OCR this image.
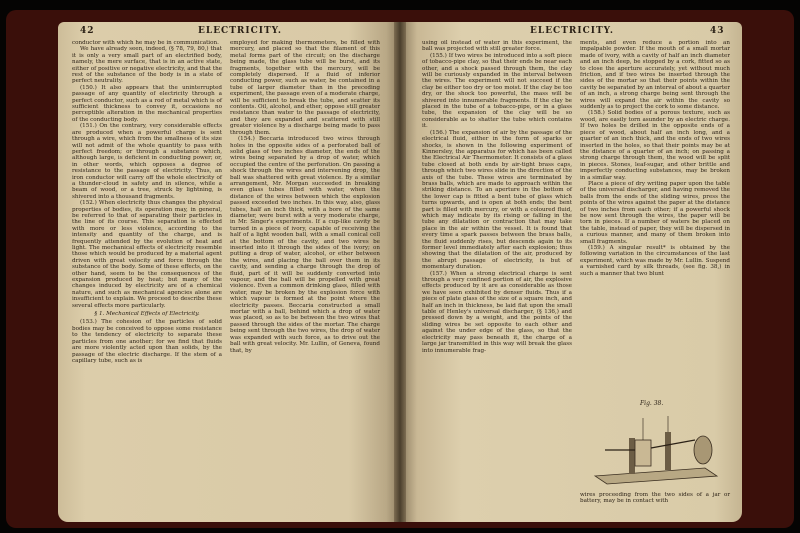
42	ELECTRICITY.

conductor with which he may be in communication.

We have already seen, indeed, (§ 78, 79, 80,) that it is only a very small part of an electrified body, namely, the mere surface, that is in an active state, either of positive or negative electricity, and that the rest of the substance of the body is in a state of perfect neutrality.

(150.) It also appears that the uninterrupted passage of any quantity of electricity through a perfect conductor, such as a rod of metal which is of sufficient thickness to convey it, occasions no perceptible alteration in the mechanical properties of the conducting body.

(151.) On the contrary, very considerable effects are produced when a powerful charge is sent through a wire, which from the smallness of its size will not admit of the whole quantity to pass with perfect freedom; or through a substance which, although large, is deficient in conducting power; or, in other words, which opposes a degree of resistance to the passage of electricity. Thus, an iron conductor will carry off the whole electricity of a thunder-cloud in safety and in silence, while a beam of wood, or a tree, struck by lightning, is shivered into a thousand fragments.

(152.) When electricity thus changes the physical properties of bodies, its operation may, in general, be referred to that of separating their particles in the line of its course. This separation is effected with more or less violence, according to the intensity and quantity of the charge, and is frequently attended by the evolution of heat and light. The mechanical effects of electricity resemble those which would be produced by a material agent driven with great velocity and force through the substance of the body. Some of these effects, on the other hand, seem to be the consequences of the expansion produced by heat; but many of the changes induced by electricity are of a chemical nature, and such as mechanical agencies alone are insufficient to explain. We proceed to describe these several effects more particularly.

§ 1. Mechanical Effects of Electricity.

(153.) The cohesion of the particles of solid bodies may be conceived to oppose some resistance to the tendency of electricity to separate these particles from one another; for we find that fluids are more violently acted upon than solids, by the passage of the electric discharge. If the stem of a capillary tube, such as is

employed for making thermometers, be filled with mercury, and placed so that the filament of this metal forms part of the circuit; on the discharge being made, the glass tube will be burst, and its fragments, together with the mercury, will be completely dispersed. If a fluid of inferior conducting power, such as water, be contained in a tube of larger diameter than in the preceding experiment, the passage even of a moderate charge, will be sufficient to break the tube, and scatter its contents. Oil, alcohol, and ether, oppose still greater resistance than water to the passage of electricity, and they are expanded and scattered with still greater violence by a discharge being made to pass through them.

(154.) Beccaria introduced two wires through holes in the opposite sides of a perforated ball of solid glass of two inches diameter, the ends of the wires being separated by a drop of water, which occupied the centre of the perforation. On passing a shock through the wires and intervening drop, the ball was shattered with great violence. By a similar arrangement, Mr. Morgan succeeded in breaking even glass tubes filled with water, when the distance of the wires between which the explosion passed exceeded two inches. In this way, also, glass tubes, half an inch thick, with a bore of the same diameter, were burst with a very moderate charge, in Mr. Singer's experiments. If a cup-like cavity be turned in a piece of ivory, capable of receiving the half of a light wooden ball, with a small conical cell at the bottom of the cavity, and two wires be inserted into it through the sides of the ivory; on putting a drop of water, alcohol, or ether between the wires, and placing the ball over them in its cavity, and sending a charge through the drop of fluid, part of it will be suddenly converted into vapour, and the ball will be propelled with great violence. Even a common drinking glass, filled with water, may be broken by the explosion force with which vapour is formed at the point where the electricity passes. Beccaria constructed a small mortar with a ball, behind which a drop of water was placed, so as to be between the two wires that passed through the sides of the mortar. The charge being sent through the two wires, the drop of water was expanded with such force, as to drive out the ball with great velocity. Mr. Lullin, of Geneva, found that, by

ELECTRICITY.	43

using oil instead of water in this experiment, the ball was projected with still greater force.

(155.) If two wires be introduced into a soft piece of tobacco-pipe clay, so that their ends be near each other, and a shock passed through them, the clay will be curiously expanded in the interval between the wires. The experiment will not succeed if the clay be either too dry or too moist. If the clay be too dry, or the shock too powerful, the mass will be shivered into innumerable fragments. If the clay be placed in the tube of a tobacco-pipe, or in a glass tube, the expansion of the clay will be so considerable as to shatter the tube which contains it.

(156.) The expansion of air by the passage of the electrical fluid, either in the form of sparks or shocks, is shown in the following experiment of Kinnersley, the apparatus for which has been called the Electrical Air Thermometer. It consists of a glass tube closed at both ends by air-tight brass caps, through which two wires slide in the direction of the axis of the tube. These wires are terminated by brass balls, which are made to approach within the striking distance. To an aperture in the bottom of the lower cap is fitted a bent tube of glass which turns upwards, and is open at both ends; the bent part is filled with mercury, or with a coloured fluid, which may indicate by its rising or falling in the tube any dilatation or contraction that may take place in the air within the vessel. It is found that every time a spark passes between the brass balls, the fluid suddenly rises, but descends again to its former level immediately after each explosion; thus showing that the dilatation of the air, produced by the abrupt passage of electricity, is but of momentary duration.

(157.) When a strong electrical charge is sent through a very confined portion of air, the explosive effects produced by it are as considerable as those we have seen exhibited by denser fluids. Thus if a piece of plate glass of the size of a square inch, and half an inch in thickness, be laid flat upon the small table of Henley's universal discharger, (§ 136,) and pressed down by a weight, and the points of the sliding wires be set opposite to each other and against the under edge of the glass, so that the electricity may pass beneath it, the charge of a large jar transmitted in this way will break the glass into innumerable frag-

ments, and even reduce a portion into an impalpable powder. If the mouth of a small mortar made of ivory, with a cavity of half an inch diameter and an inch deep, be stopped by a cork, fitted so as to close the aperture accurately, yet without much friction, and if two wires be inserted through the sides of the mortar so that their points within the cavity be separated by an interval of about a quarter of an inch, a strong charge being sent through the wires will expand the air within the cavity so suddenly as to project the cork to some distance.

(158.) Solid bodies of a porous texture, such as wood, are easily torn asunder by an electric charge. If two holes be drilled in the opposite ends of a piece of wood, about half an inch long, and a quarter of an inch thick, and the ends of two wires inserted in the holes, so that their points may be at the distance of a quarter of an inch; on passing a strong charge through them, the wood will be split in pieces. Stones, leaf-sugar, and other brittle and imperfectly conducting substances, may be broken in a similar way.

Place a piece of dry writing paper upon the table of the universal discharger, and having removed the balls from the ends of the sliding wires, press the points of the wires against the paper at the distance of two inches from each other; if a powerful shock be now sent through the wires, the paper will be torn in pieces. If a number of waters be placed on the table, instead of paper, they will be dispersed in a curious manner, and many of them broken into small fragments.

(159.) A singular result* is obtained by the following variation in the circumstances of the last experiment, which was made by Mr. Lullin. Suspend a varnished card by silk threads, (see fig. 38,) in such a manner that two blunt

Fig. 38.

wires proceeding from the two sides of a jar or battery, may be in contact with
